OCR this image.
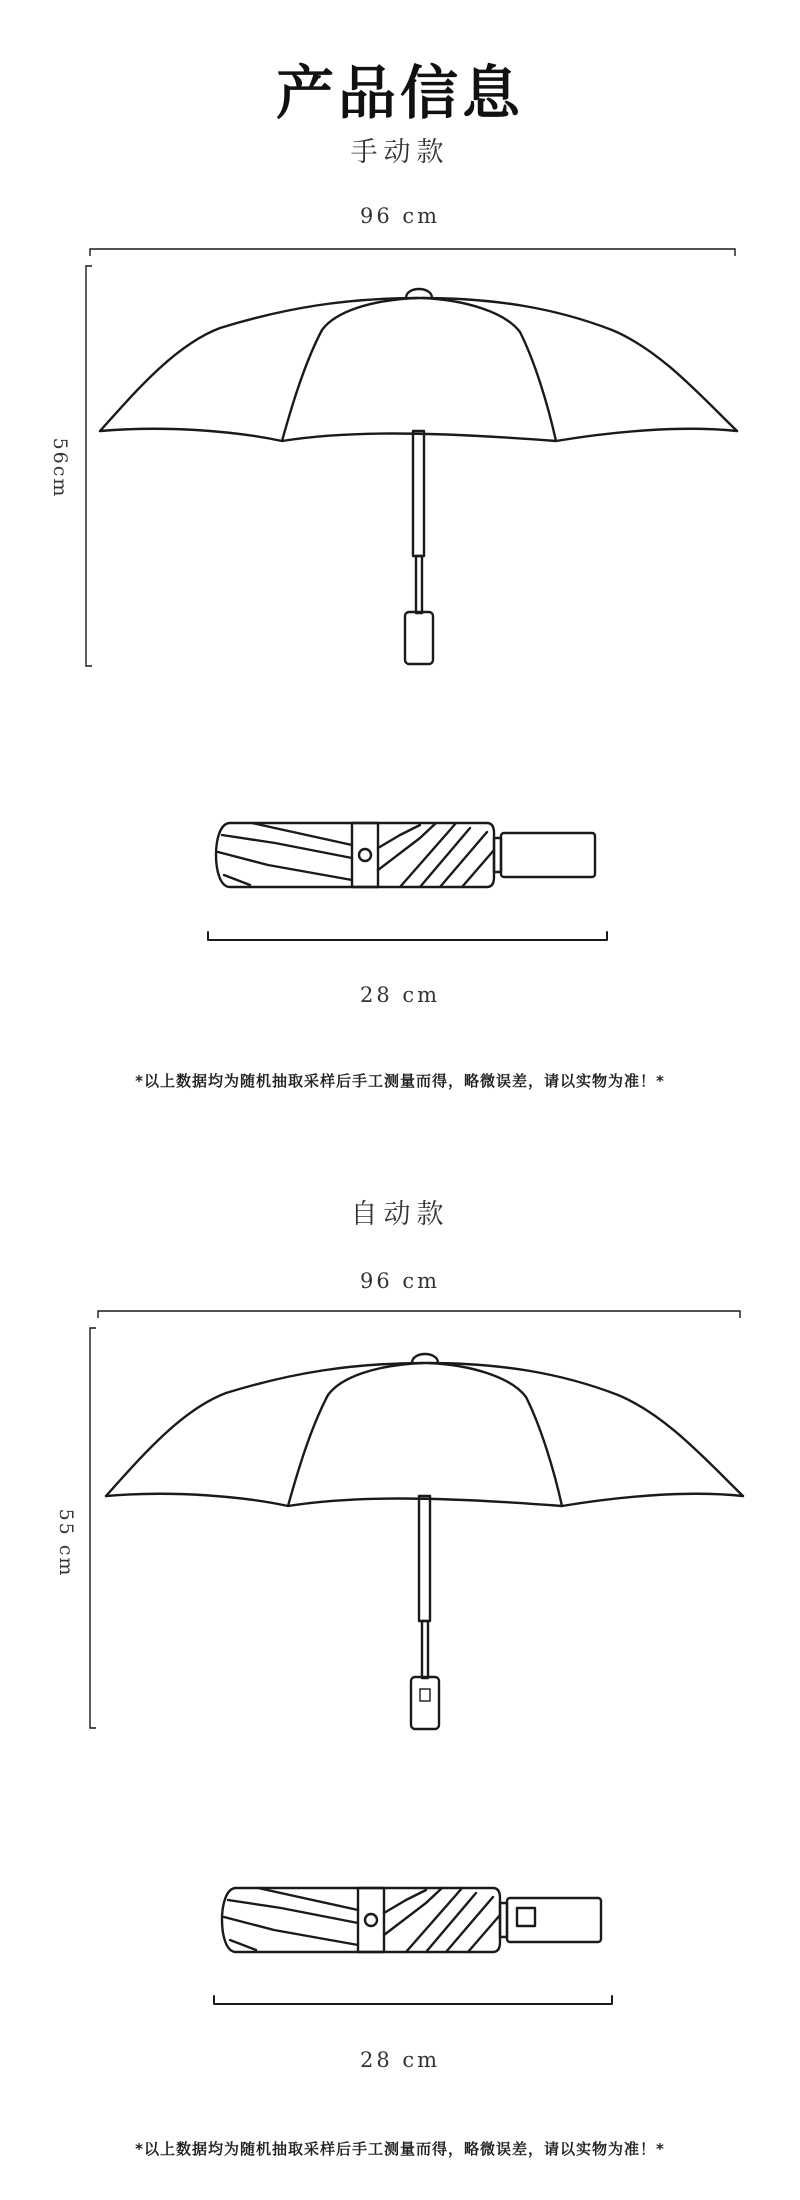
产品信息
手动款
96 cm
56cm
28 cm
*以上数据均为随机抽取采样后手工测量而得，略微误差，请以实物为准！*
自动款
96 cm
55 cm
28 cm
*以上数据均为随机抽取采样后手工测量而得，略微误差，请以实物为准！*
